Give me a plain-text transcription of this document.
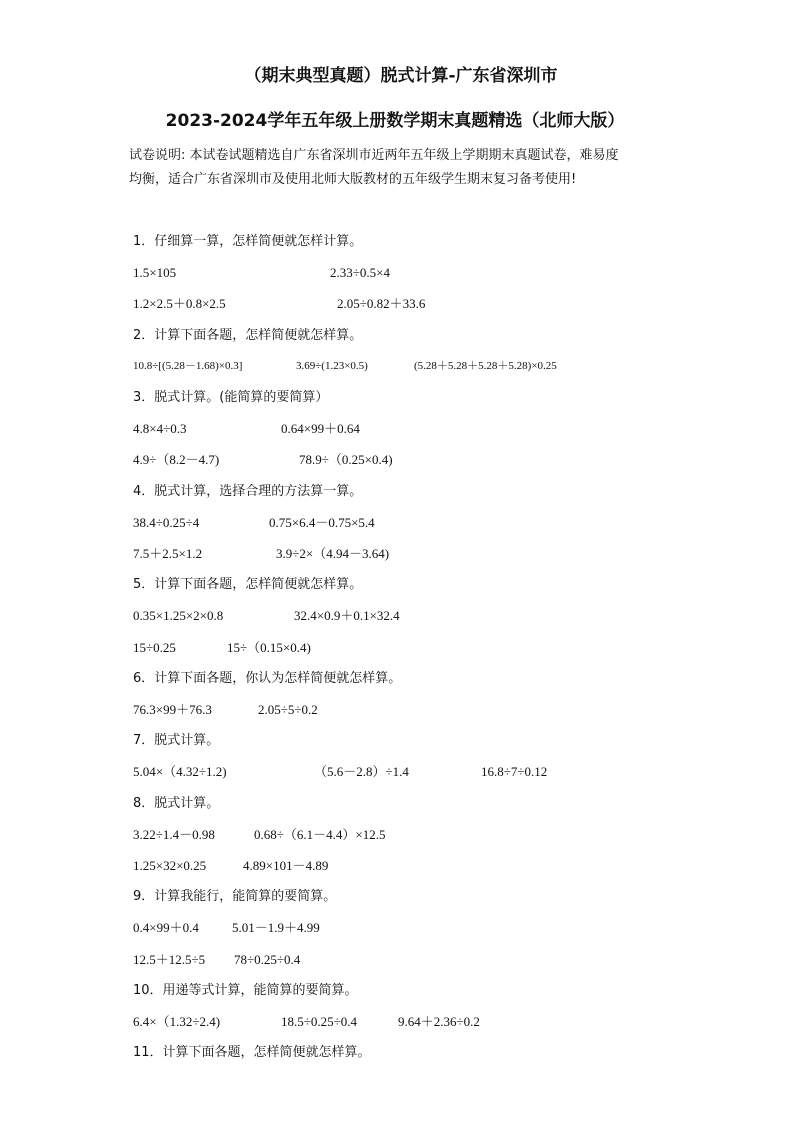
（期末典型真题）脱式计算-广东省深圳市
2023-2024学年五年级上册数学期末真题精选（北师大版）
试卷说明: 本试卷试题精选自广东省深圳市近两年五年级上学期期末真题试卷，难易度
均衡，适合广东省深圳市及使用北师大版教材的五年级学生期末复习备考使用!
1．仔细算一算，怎样简便就怎样计算。
1.5×105	2.33÷0.5×4
1.2×2.5＋0.8×2.5	2.05÷0.82＋33.6
2．计算下面各题，怎样简便就怎样算。
10.8÷[(5.28－1.68)×0.3]	3.69÷(1.23×0.5)	(5.28＋5.28＋5.28＋5.28)×0.25
3．脱式计算。(能简算的要简算）
4.8×4÷0.3	0.64×99＋0.64
4.9÷（8.2－4.7)	78.9÷（0.25×0.4)
4．脱式计算，选择合理的方法算一算。
38.4÷0.25÷4	0.75×6.4－0.75×5.4
7.5＋2.5×1.2	3.9÷2×（4.94－3.64)
5．计算下面各题，怎样简便就怎样算。
0.35×1.25×2×0.8	32.4×0.9＋0.1×32.4
15÷0.25	15÷（0.15×0.4)
6．计算下面各题，你认为怎样简便就怎样算。
76.3×99＋76.3	2.05÷5÷0.2
7．脱式计算。
5.04×（4.32÷1.2)	（5.6－2.8）÷1.4	16.8÷7÷0.12
8．脱式计算。
3.22÷1.4－0.98	0.68÷（6.1－4.4）×12.5
1.25×32×0.25	4.89×101－4.89
9．计算我能行，能简算的要简算。
0.4×99＋0.4	5.01－1.9＋4.99
12.5＋12.5÷5 78÷0.25÷0.4
10．用递等式计算，能简算的要简算。
6.4×（1.32÷2.4)	18.5÷0.25÷0.4	9.64＋2.36÷0.2
11．计算下面各题，怎样简便就怎样算。
